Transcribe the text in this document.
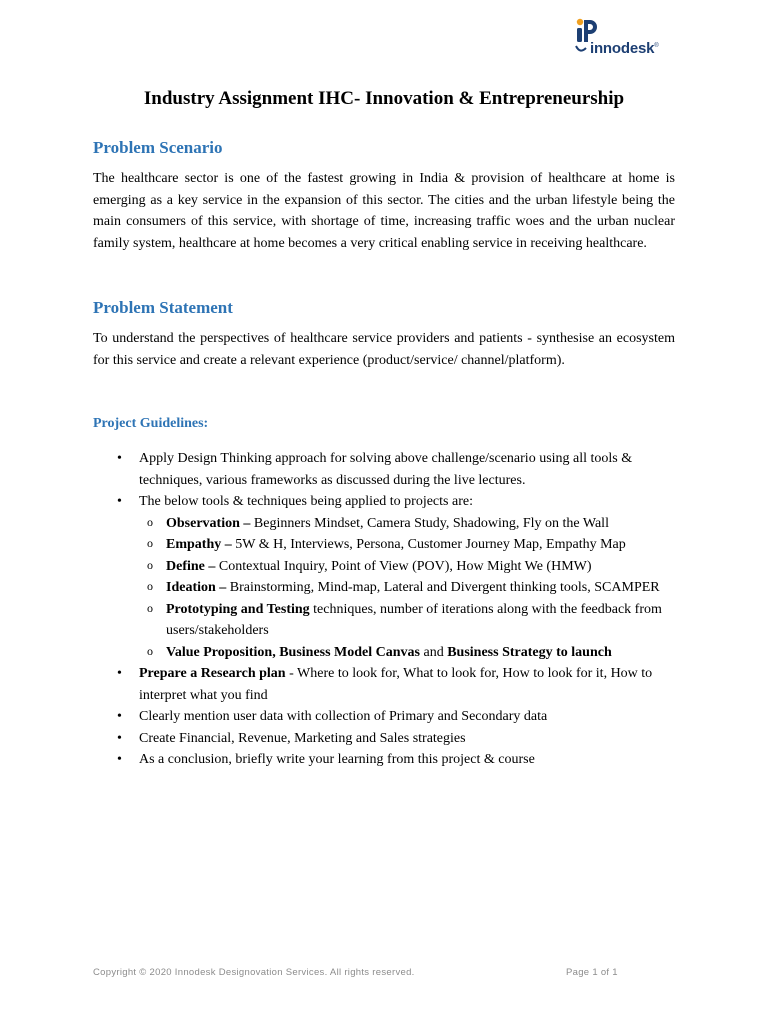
innodesk®
Industry Assignment IHC- Innovation & Entrepreneurship
Problem Scenario

The healthcare sector is one of the fastest growing in India & provision of healthcare at home is emerging as a key service in the expansion of this sector. The cities and the urban lifestyle being the main consumers of this service, with shortage of time, increasing traffic woes and the urban nuclear family system, healthcare at home becomes a very critical enabling service in receiving healthcare.

Problem Statement

To understand the perspectives of healthcare service providers and patients - synthesise an ecosystem for this service and create a relevant experience (product/service/ channel/platform).

Project Guidelines:
• Apply Design Thinking approach for solving above challenge/scenario using all tools & techniques, various frameworks as discussed during the live lectures.
• The below tools & techniques being applied to projects are:
o Observation – Beginners Mindset, Camera Study, Shadowing, Fly on the Wall
o Empathy – 5W & H, Interviews, Persona, Customer Journey Map, Empathy Map
o Define – Contextual Inquiry, Point of View (POV), How Might We (HMW)
o Ideation – Brainstorming, Mind-map, Lateral and Divergent thinking tools, SCAMPER
o Prototyping and Testing techniques, number of iterations along with the feedback from users/stakeholders
o Value Proposition, Business Model Canvas and Business Strategy to launch
• Prepare a Research plan - Where to look for, What to look for, How to look for it, How to interpret what you find
• Clearly mention user data with collection of Primary and Secondary data
• Create Financial, Revenue, Marketing and Sales strategies
• As a conclusion, briefly write your learning from this project & course
Copyright © 2020 Innodesk Designovation Services. All rights reserved.	Page 1 of 1
